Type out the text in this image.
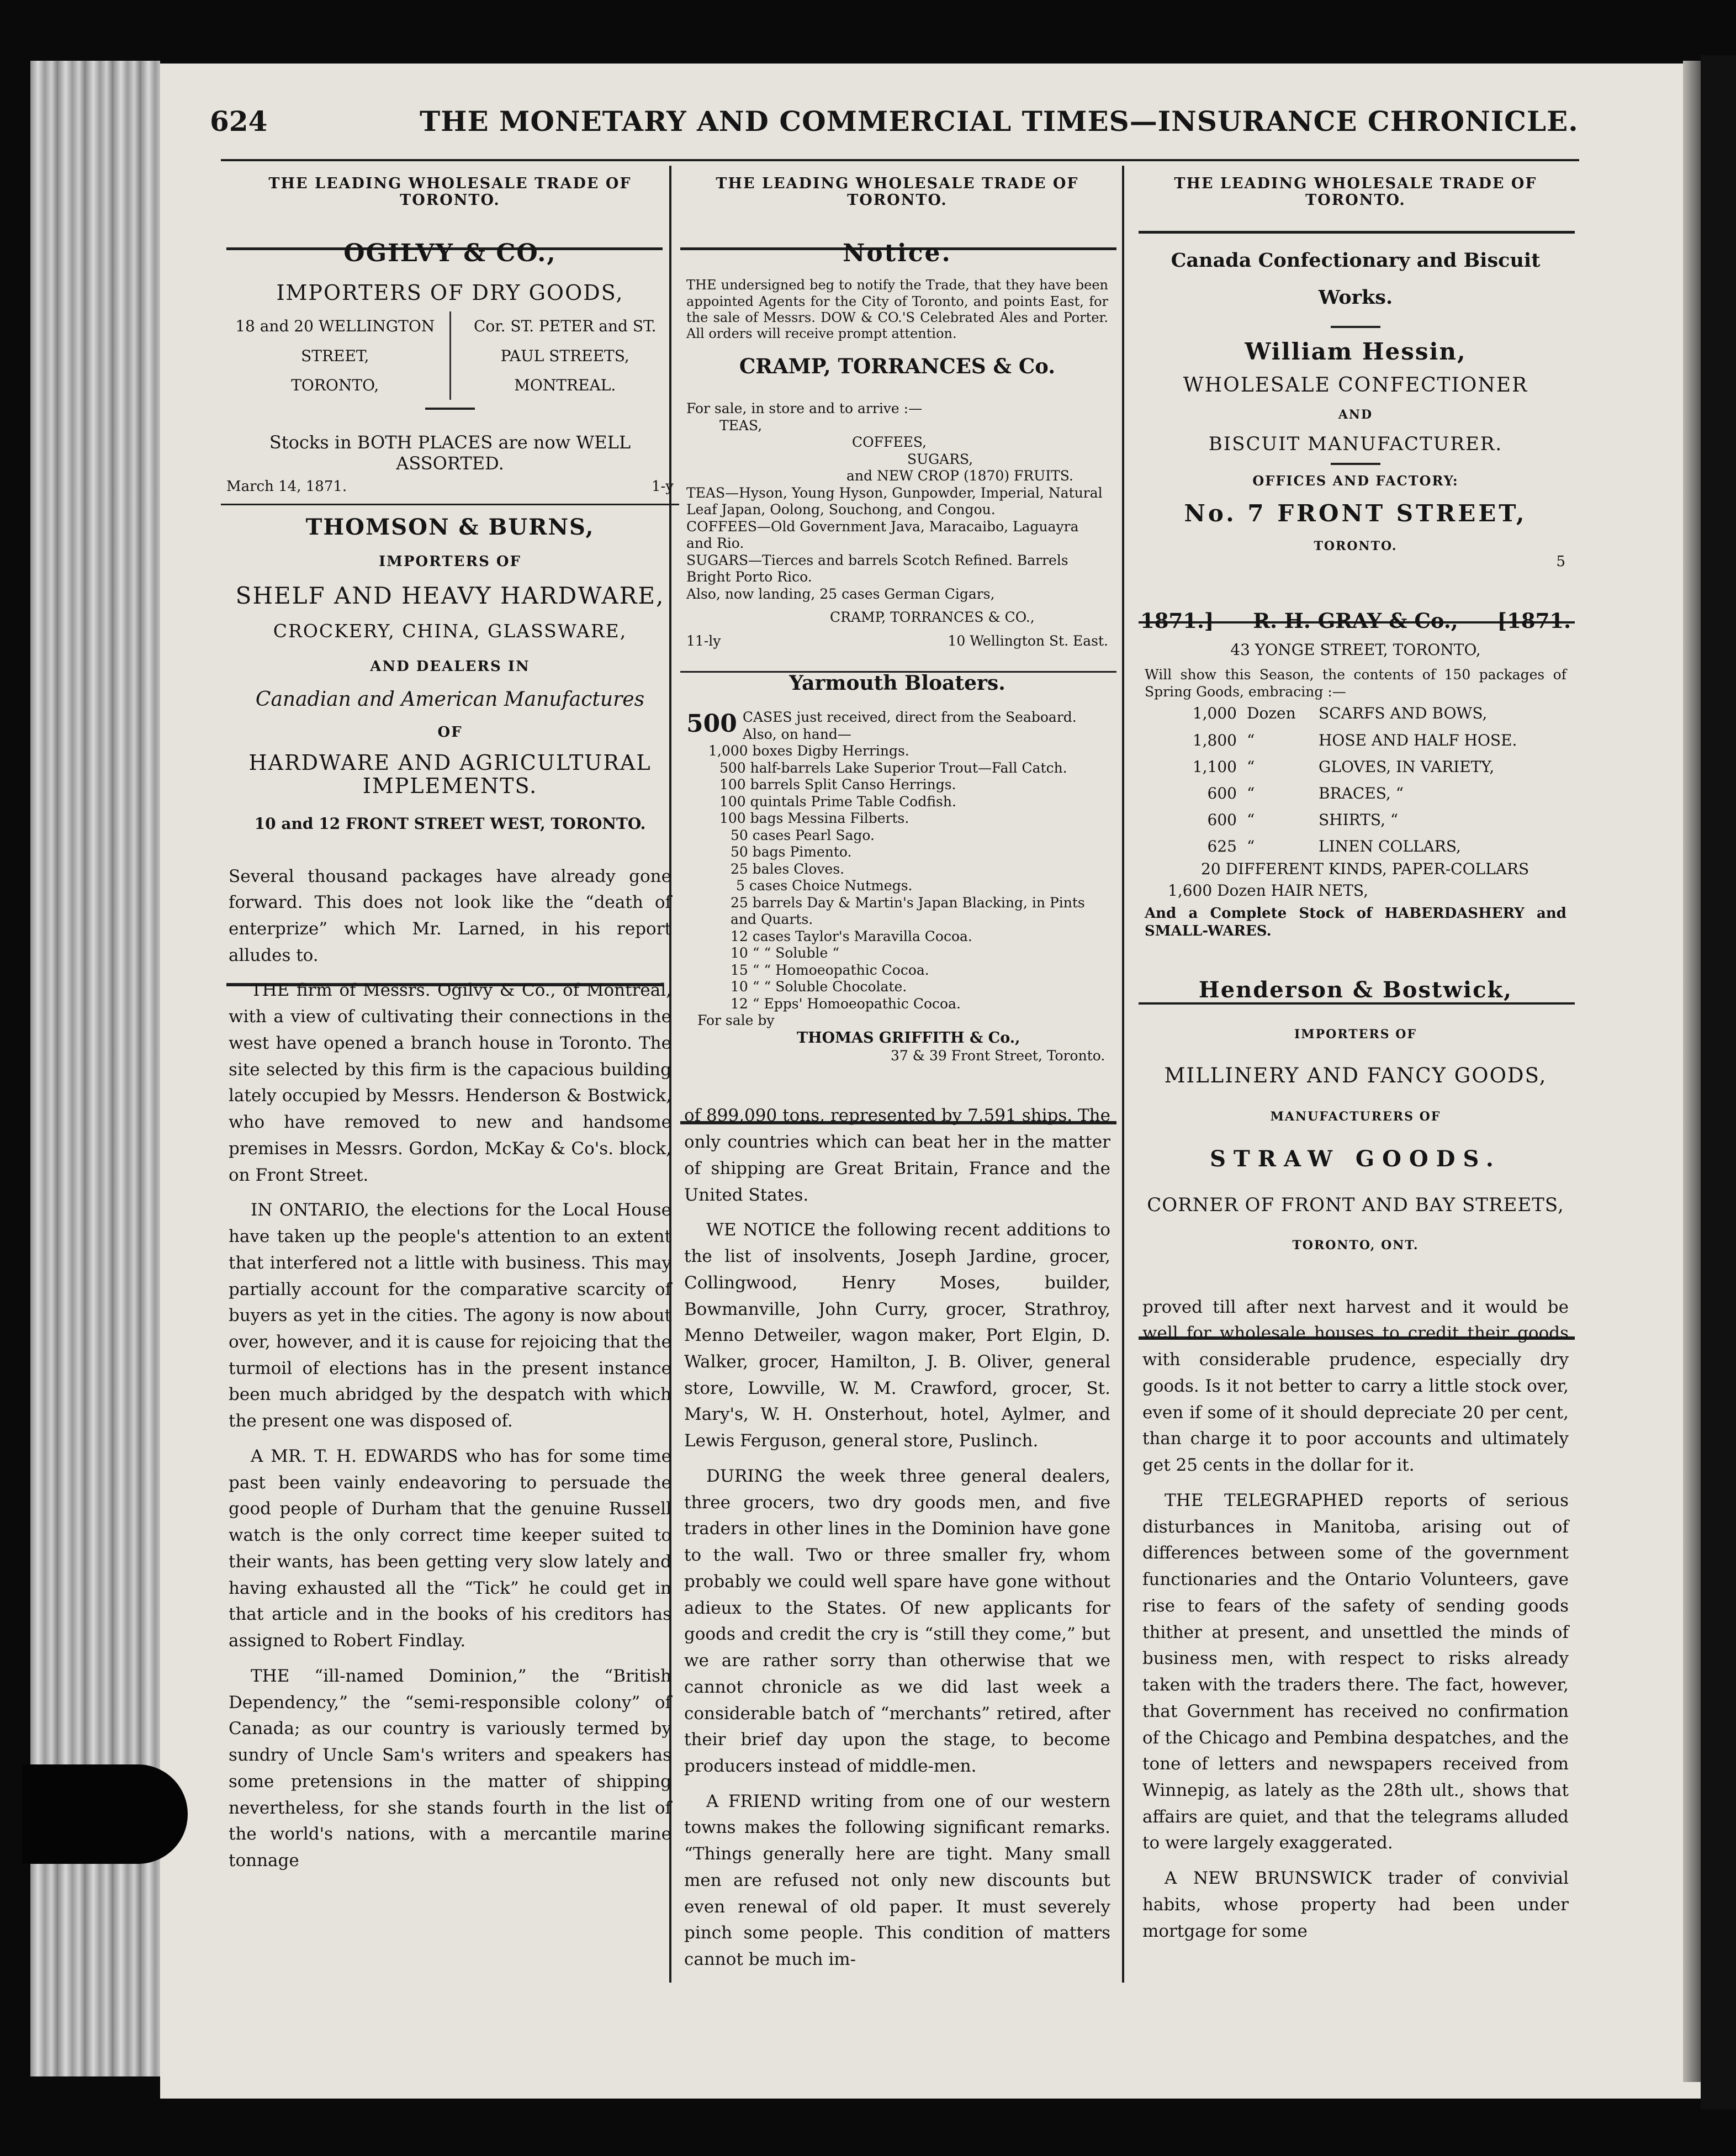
624	THE MONETARY AND COMMERCIAL TIMES—INSURANCE CHRONICLE.
THE LEADING WHOLESALE TRADE OF TORONTO.
OGILVY & CO.,
IMPORTERS OF DRY GOODS,
18 and 20 WELLINGTON
STREET,
TORONTO,
Cor. ST. PETER and ST.
PAUL STREETS,
MONTREAL.
Stocks in BOTH PLACES are now WELL ASSORTED.
March 14, 1871.	1-y
THOMSON & BURNS,
IMPORTERS OF
SHELF AND HEAVY HARDWARE,
CROCKERY, CHINA, GLASSWARE,
AND DEALERS IN
Canadian and American Manufactures
OF
HARDWARE AND AGRICULTURAL IMPLEMENTS.
10 and 12 FRONT STREET WEST, TORONTO.

Several thousand packages have already gone forward. This does not look like the “death of enterprize” which Mr. Larned, in his report alludes to.

THE firm of Messrs. Ogilvy & Co., of Montreal, with a view of cultivating their connections in the west have opened a branch house in Toronto. The site selected by this firm is the capacious building lately occupied by Messrs. Henderson & Bostwick, who have removed to new and handsome premises in Messrs. Gordon, McKay & Co's. block, on Front Street.

IN ONTARIO, the elections for the Local House have taken up the people's attention to an extent that interfered not a little with business. This may partially account for the comparative scarcity of buyers as yet in the cities. The agony is now about over, however, and it is cause for rejoicing that the turmoil of elections has in the present instance been much abridged by the despatch with which the present one was disposed of.

A MR. T. H. EDWARDS who has for some time past been vainly endeavoring to persuade the good people of Durham that the genuine Russell watch is the only correct time keeper suited to their wants, has been getting very slow lately and having exhausted all the “Tick” he could get in that article and in the books of his creditors has assigned to Robert Findlay.

THE “ill-named Dominion,” the “British Dependency,” the “semi-responsible colony” of Canada; as our country is variously termed by sundry of Uncle Sam's writers and speakers has some pretensions in the matter of shipping nevertheless, for she stands fourth in the list of the world's nations, with a mercantile marine tonnage

THE LEADING WHOLESALE TRADE OF TORONTO.
Notice.
THE undersigned beg to notify the Trade, that they have been appointed Agents for the City of Toronto, and points East, for the sale of Messrs. DOW & CO.'S Celebrated Ales and Porter. All orders will receive prompt attention.
CRAMP, TORRANCES & Co.

For sale, in store and to arrive :—

TEAS,

COFFEES,

SUGARS,

and NEW CROP (1870) FRUITS.

TEAS—Hyson, Young Hyson, Gunpowder, Imperial, Natural Leaf Japan, Oolong, Souchong, and Congou.

COFFEES—Old Government Java, Maracaibo, Laguayra and Rio.

SUGARS—Tierces and barrels Scotch Refined. Barrels Bright Porto Rico.

Also, now landing, 25 cases German Cigars,

CRAMP, TORRANCES & CO.,

11-ly	10 Wellington St. East.
Yarmouth Bloaters.
500 CASES just received, direct from the Seaboard. Also, on hand—

1,000 boxes Digby Herrings.

500 half-barrels Lake Superior Trout—Fall Catch.

100 barrels Split Canso Herrings.

100 quintals Prime Table Codfish.

100 bags Messina Filberts.

50 cases Pearl Sago.

50 bags Pimento.

25 bales Cloves.

5 cases Choice Nutmegs.

25 barrels Day & Martin's Japan Blacking, in Pints and Quarts.

12 cases Taylor's Maravilla Cocoa.

10 “ “ Soluble “

15 “ “ Homoeopathic Cocoa.

10 “ “ Soluble Chocolate.

12 “ Epps' Homoeopathic Cocoa.

For sale by

THOMAS GRIFFITH & Co.,

37 & 39 Front Street, Toronto.

of 899,090 tons, represented by 7,591 ships. The only countries which can beat her in the matter of shipping are Great Britain, France and the United States.

WE NOTICE the following recent additions to the list of insolvents, Joseph Jardine, grocer, Collingwood, Henry Moses, builder, Bowmanville, John Curry, grocer, Strathroy, Menno Detweiler, wagon maker, Port Elgin, D. Walker, grocer, Hamilton, J. B. Oliver, general store, Lowville, W. M. Crawford, grocer, St. Mary's, W. H. Onsterhout, hotel, Aylmer, and Lewis Ferguson, general store, Puslinch.

DURING the week three general dealers, three grocers, two dry goods men, and five traders in other lines in the Dominion have gone to the wall. Two or three smaller fry, whom probably we could well spare have gone without adieux to the States. Of new applicants for goods and credit the cry is “still they come,” but we are rather sorry than otherwise that we cannot chronicle as we did last week a considerable batch of “merchants” retired, after their brief day upon the stage, to become producers instead of middle-men.

A FRIEND writing from one of our western towns makes the following significant remarks. “Things generally here are tight. Many small men are refused not only new discounts but even renewal of old paper. It must severely pinch some people. This condition of matters cannot be much im-

THE LEADING WHOLESALE TRADE OF TORONTO.
Canada Confectionary and Biscuit Works.
William Hessin,
WHOLESALE CONFECTIONER
AND
BISCUIT MANUFACTURER.
OFFICES AND FACTORY:
No. 7 FRONT STREET,
TORONTO.
5
1871.] R. H. GRAY & Co., [1871.
43 YONGE STREET, TORONTO,
Will show this Season, the contents of 150 packages of Spring Goods, embracing :—
1,000 Dozen	SCARFS AND BOWS,
1,800 “	HOSE AND HALF HOSE.
1,100 “	GLOVES, IN VARIETY,
600 “	BRACES, “
600 “	SHIRTS, “
625 “	LINEN COLLARS,
20 DIFFERENT KINDS, PAPER-COLLARS
1,600 Dozen HAIR NETS,
And a Complete Stock of HABERDASHERY and SMALL-WARES.
Henderson & Bostwick,
IMPORTERS OF
MILLINERY AND FANCY GOODS,
MANUFACTURERS OF
STRAW GOODS.
CORNER OF FRONT AND BAY STREETS,
TORONTO, ONT.

proved till after next harvest and it would be well for wholesale houses to credit their goods with considerable prudence, especially dry goods. Is it not better to carry a little stock over, even if some of it should depreciate 20 per cent, than charge it to poor accounts and ultimately get 25 cents in the dollar for it.

THE TELEGRAPHED reports of serious disturbances in Manitoba, arising out of differences between some of the government functionaries and the Ontario Volunteers, gave rise to fears of the safety of sending goods thither at present, and unsettled the minds of business men, with respect to risks already taken with the traders there. The fact, however, that Government has received no confirmation of the Chicago and Pembina despatches, and the tone of letters and newspapers received from Winnepig, as lately as the 28th ult., shows that affairs are quiet, and that the telegrams alluded to were largely exaggerated.

A NEW BRUNSWICK trader of convivial habits, whose property had been under mortgage for some
